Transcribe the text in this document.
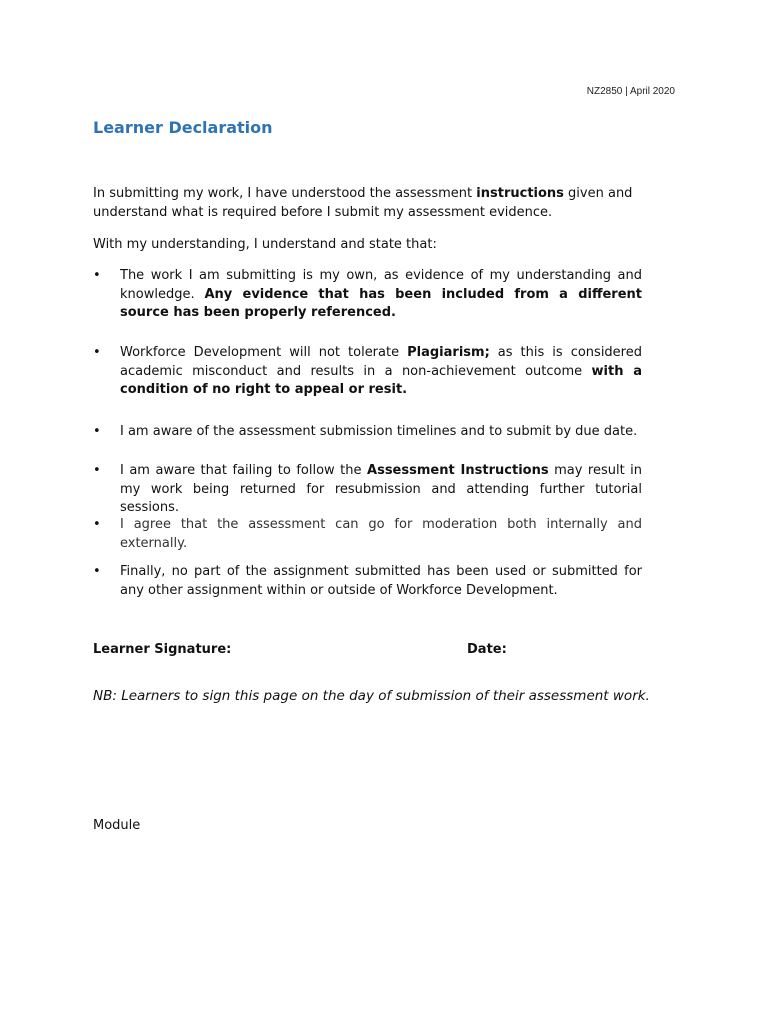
NZ2850 | April 2020
Learner Declaration

In submitting my work, I have understood the assessment instructions given and understand what is required before I submit my assessment evidence.

With my understanding, I understand and state that:

•	The work I am submitting is my own, as evidence of my understanding and knowledge. Any evidence that has been included from a different source has been properly referenced.
•	Workforce Development will not tolerate Plagiarism; as this is considered academic misconduct and results in a non-achievement outcome with a condition of no right to appeal or resit.
•	I am aware of the assessment submission timelines and to submit by due date.
•	I am aware that failing to follow the Assessment Instructions may result in my work being returned for resubmission and attending further tutorial sessions.
•	I agree that the assessment can go for moderation both internally and externally.
•	Finally, no part of the assignment submitted has been used or submitted for any other assignment within or outside of Workforce Development.
Learner Signature:	Date:
NB: Learners to sign this page on the day of submission of their assessment work.
Module
